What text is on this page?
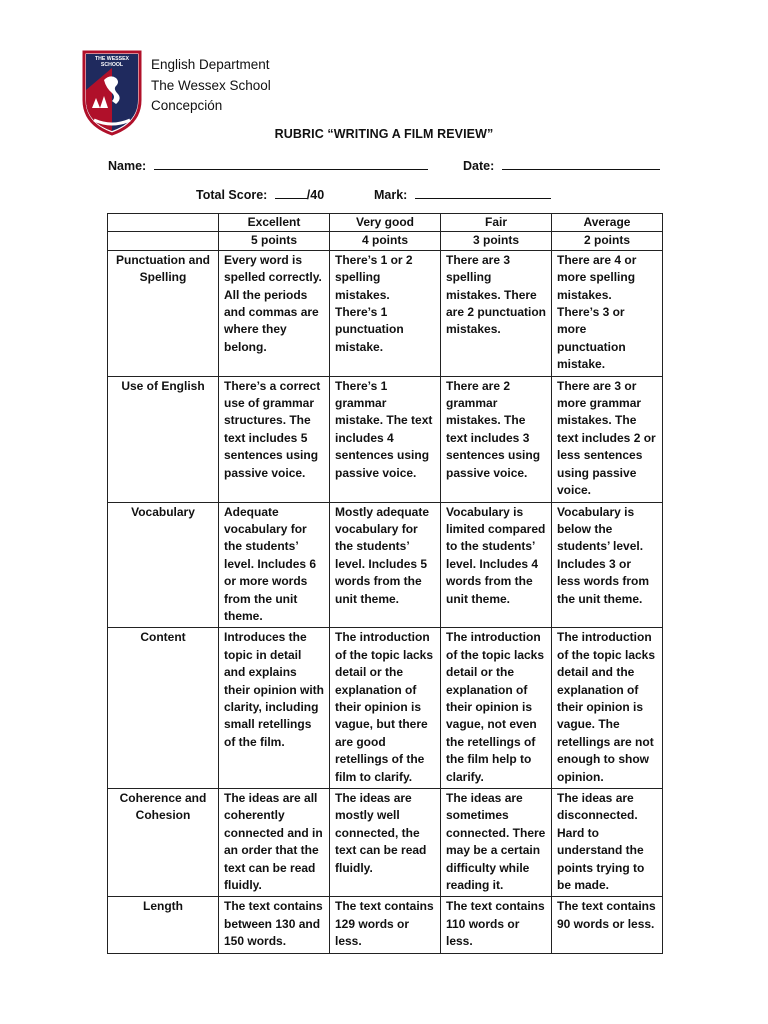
THE WESSEX
SCHOOL English Department
The Wessex School
Concepción
RUBRIC “WRITING A FILM REVIEW”
Name:	Date:
Total Score:	/40	Mark:
	Excellent	Very good	Fair	Average
	5 points	4 points	3 points	2 points
Punctuation and Spelling	Every word is spelled correctly. All the periods and commas are where they belong.	There’s 1 or 2 spelling mistakes. There’s 1 punctuation mistake.	There are 3 spelling mistakes. There are 2 punctuation mistakes.	There are 4 or more spelling mistakes. There’s 3 or more punctuation mistake.
Use of English	There’s a correct use of grammar structures. The text includes 5 sentences using passive voice.	There’s 1 grammar mistake. The text includes 4 sentences using passive voice.	There are 2 grammar mistakes. The text includes 3 sentences using passive voice.	There are 3 or more grammar mistakes. The text includes 2 or less sentences using passive voice.
Vocabulary	Adequate vocabulary for the students’ level. Includes 6 or more words from the unit theme.	Mostly adequate vocabulary for the students’ level. Includes 5 words from the unit theme.	Vocabulary is limited compared to the students’ level. Includes 4 words from the unit theme.	Vocabulary is below the students’ level. Includes 3 or less words from the unit theme.
Content	Introduces the topic in detail and explains their opinion with clarity, including small retellings of the film.	The introduction of the topic lacks detail or the explanation of their opinion is vague, but there are good retellings of the film to clarify.	The introduction of the topic lacks detail or the explanation of their opinion is vague, not even the retellings of the film help to clarify.	The introduction of the topic lacks detail and the explanation of their opinion is vague. The retellings are not enough to show opinion.
Coherence and Cohesion	The ideas are all coherently connected and in an order that the text can be read fluidly.	The ideas are mostly well connected, the text can be read fluidly.	The ideas are sometimes connected. There may be a certain difficulty while reading it.	The ideas are disconnected. Hard to understand the points trying to be made.
Length	The text contains between 130 and 150 words.	The text contains 129 words or less.	The text contains 110 words or less.	The text contains 90 words or less.
